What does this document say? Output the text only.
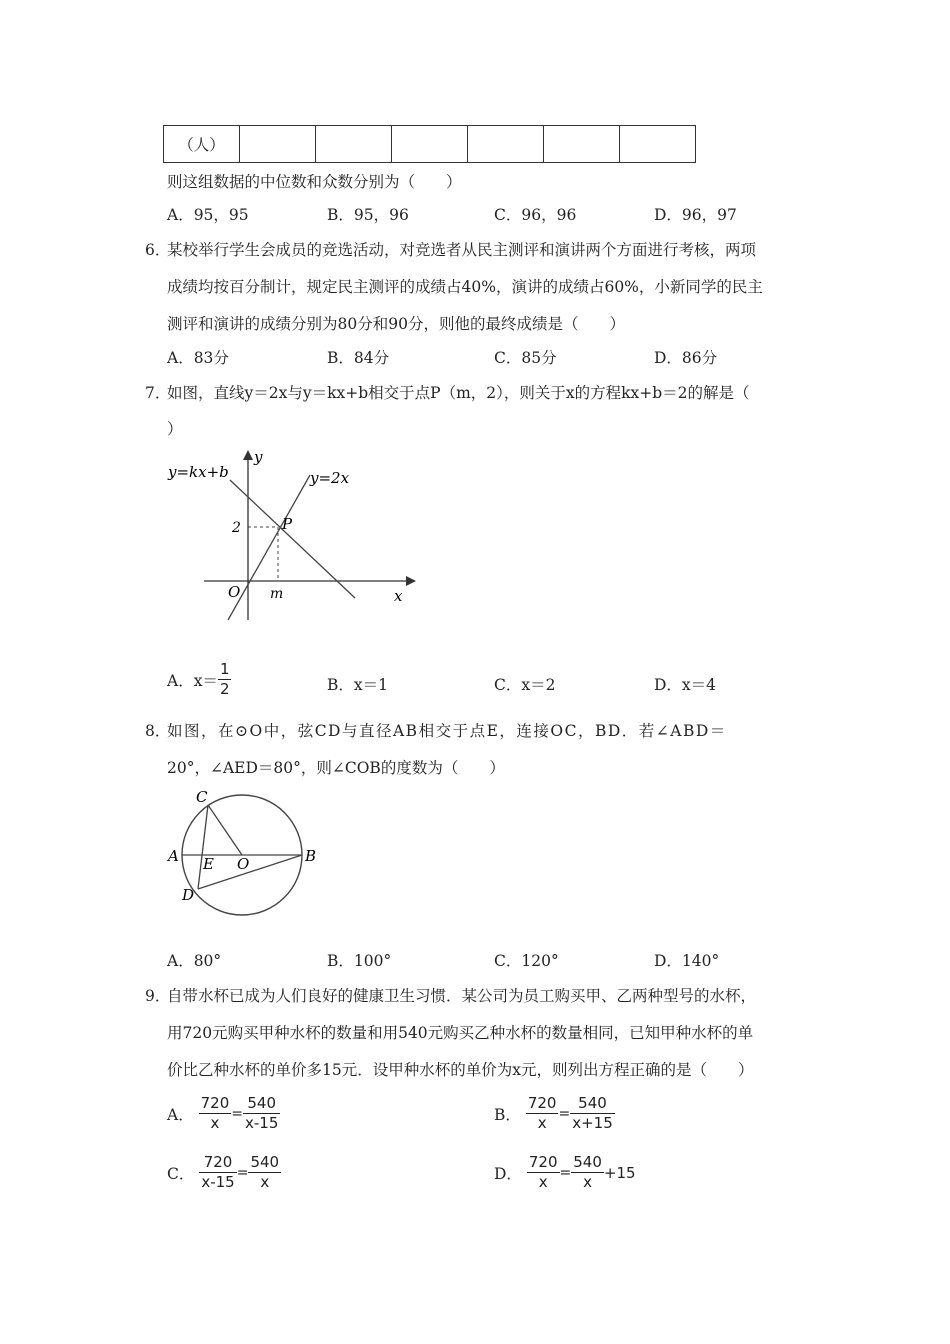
（人）						
则这组数据的中位数和众数分别为（　　）
A．95，95	B．95，96	C．96，96	D．96，97
6．
某校举行学生会成员的竞选活动，对竞选者从民主测评和演讲两个方面进行考核，两项
成绩均按百分制计，规定民主测评的成绩占40%，演讲的成绩占60%，小新同学的民主
测评和演讲的成绩分别为80分和90分，则他的最终成绩是（　　）
A．83分	B．84分	C．85分	D．86分
7．
如图，直线y＝2x与y＝kx+b相交于点P（m，2），则关于x的方程kx+b＝2的解是（
）
y=kx+b	y=2x
y
x
O
P
2
m
A．$x= \frac{1}{2}$	B．x＝1	C．x＝2	D．x＝4
8．
如图，在⊙O中，弦CD与直径AB相交于点E，连接OC，BD．若∠ABD＝
20°，∠AED＝80°，则∠COB的度数为（　　）
C
A	B
E O
D
A．80°	B．100°	C．120°	D．140°
9．
自带水杯已成为人们良好的健康卫生习惯．某公司为员工购买甲、乙两种型号的水杯，
用720元购买甲种水杯的数量和用540元购买乙种水杯的数量相同，已知甲种水杯的单
价比乙种水杯的单价多15元．设甲种水杯的单价为x元，则列出方程正确的是（　　）
A． $\frac{720}{x} = \frac{540}{x-15}$	B． $\frac{720}{x} = \frac{540}{x+15}$
C． $\frac{720}{x-15} = \frac{540}{x}$	D． $\frac{720}{x} = \frac{540}{x} +15$
